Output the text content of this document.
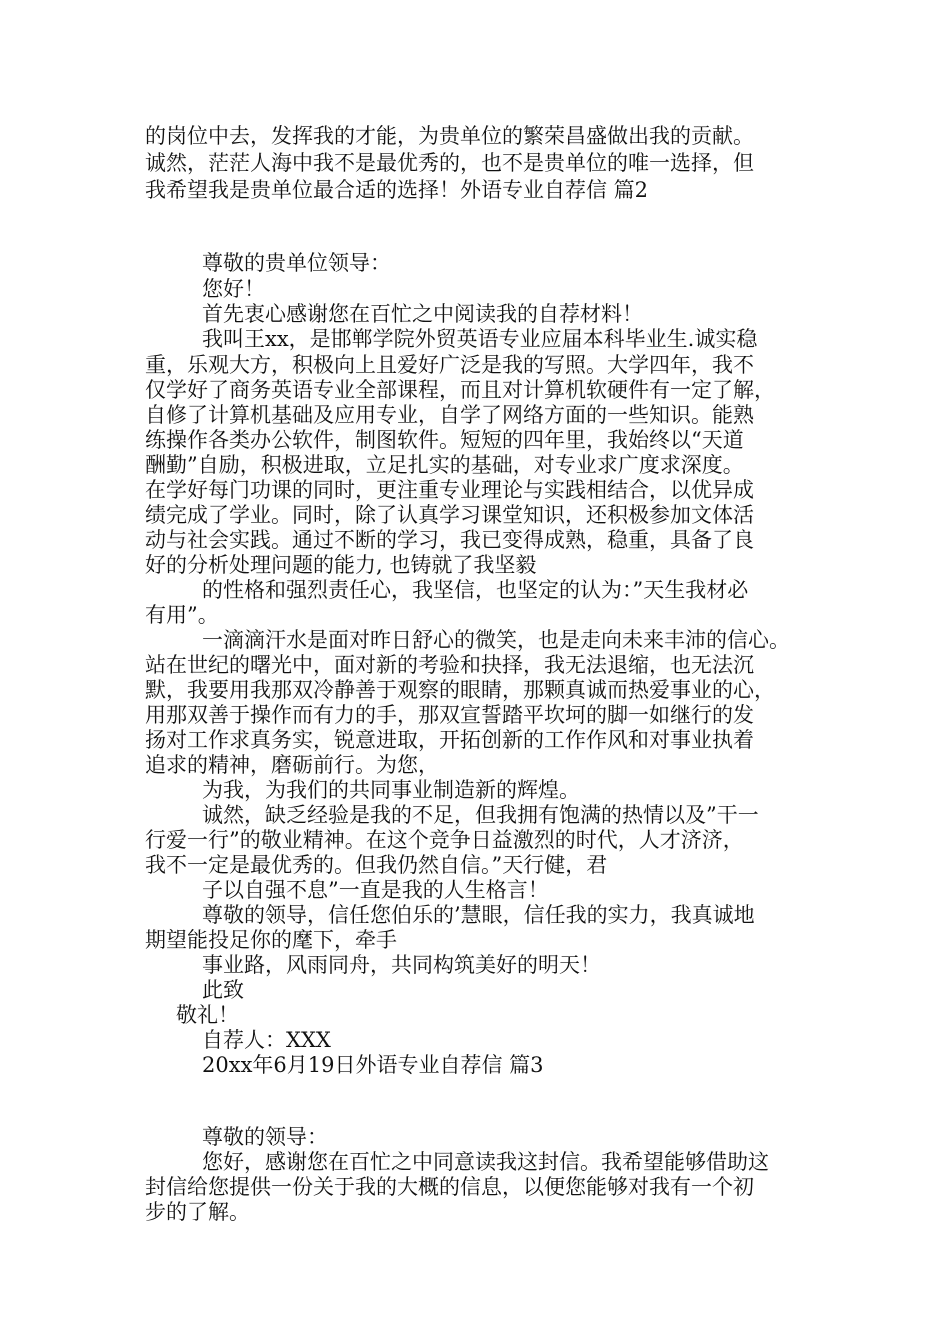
的岗位中去，发挥我的才能，为贵单位的繁荣昌盛做出我的贡献。
诚然，茫茫人海中我不是最优秀的，也不是贵单位的唯一选择，但
我希望我是贵单位最合适的选择！外语专业自荐信 篇2
尊敬的贵单位领导：
您好！
首先衷心感谢您在百忙之中阅读我的自荐材料！
我叫王xx，是邯郸学院外贸英语专业应届本科毕业生.诚实稳
重，乐观大方，积极向上且爱好广泛是我的写照。大学四年，我不
仅学好了商务英语专业全部课程，而且对计算机软硬件有一定了解，
自修了计算机基础及应用专业，自学了网络方面的一些知识。能熟
练操作各类办公软件，制图软件。短短的四年里，我始终以“天道
酬勤”自励，积极进取，立足扎实的基础，对专业求广度求深度。
在学好每门功课的同时，更注重专业理论与实践相结合，以优异成
绩完成了学业。同时，除了认真学习课堂知识，还积极参加文体活
动与社会实践。通过不断的学习，我已变得成熟，稳重，具备了良
好的分析处理问题的能力, 也铸就了我坚毅
的性格和强烈责任心，我坚信，也坚定的认为：”天生我材必
有用”。
一滴滴汗水是面对昨日舒心的微笑，也是走向未来丰沛的信心。
站在世纪的曙光中，面对新的考验和抉择，我无法退缩，也无法沉
默，我要用我那双冷静善于观察的眼睛，那颗真诚而热爱事业的心，
用那双善于操作而有力的手，那双宣誓踏平坎坷的脚一如继行的发
扬对工作求真务实，锐意进取，开拓创新的工作作风和对事业执着
追求的精神，磨砺前行。为您，
为我，为我们的共同事业制造新的辉煌。
诚然，缺乏经验是我的不足，但我拥有饱满的热情以及”干一
行爱一行”的敬业精神。在这个竞争日益激烈的时代，人才济济，
我不一定是最优秀的。但我仍然自信。”天行健，君
子以自强不息”一直是我的人生格言！
尊敬的领导，信任您伯乐的’慧眼，信任我的实力，我真诚地
期望能投足你的麾下，牵手
事业路，风雨同舟，共同构筑美好的明天！
此致
敬礼！
自荐人：XXX
20xx年6月19日外语专业自荐信 篇3
尊敬的领导：
您好，感谢您在百忙之中同意读我这封信。我希望能够借助这
封信给您提供一份关于我的大概的信息，以便您能够对我有一个初
步的了解。
